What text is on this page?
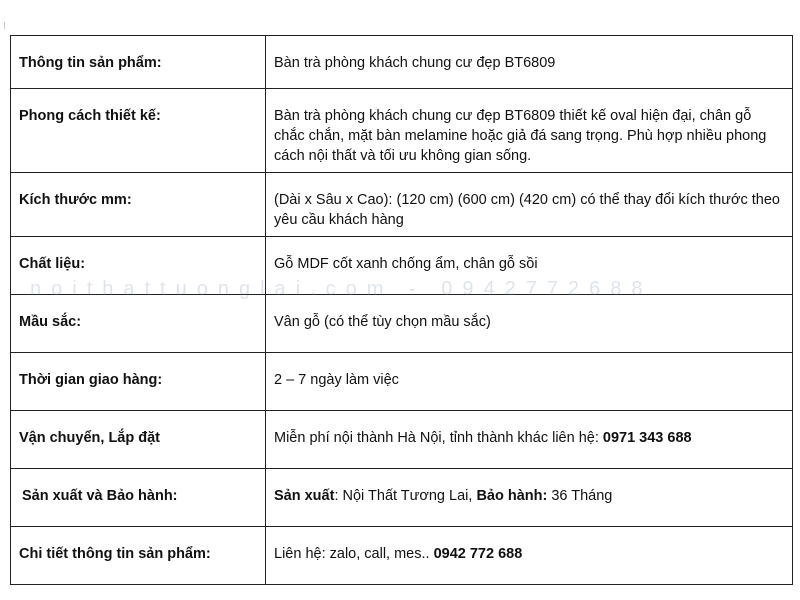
Thông tin sản phẩm:	Bàn trà phòng khách chung cư đẹp BT6809
Phong cách thiết kế:	Bàn trà phòng khách chung cư đẹp BT6809 thiết kế oval hiện đại, chân gỗ chắc chắn, mặt bàn melamine hoặc giả đá sang trọng. Phù hợp nhiều phong cách nội thất và tối ưu không gian sống.
Kích thước mm:	(Dài x Sâu x Cao): (120 cm) (600 cm) (420 cm) có thể thay đổi kích thước theo yêu cầu khách hàng
Chất liệu:	Gỗ MDF cốt xanh chống ẩm, chân gỗ sồi
Mầu sắc:	Vân gỗ (có thể tùy chọn mầu sắc)
Thời gian giao hàng:	2 – 7 ngày làm việc
Vận chuyển, Lắp đặt	Miễn phí nội thành Hà Nội, tỉnh thành khác liên hệ: 0971 343 688
Sản xuất và Bảo hành:	Sản xuất: Nội Thất Tương Lai, Bảo hành: 36 Tháng
Chi tiết thông tin sản phẩm:	Liên hệ: zalo, call, mes.. 0942 772 688
noithattuonglai.com - 0942772688
